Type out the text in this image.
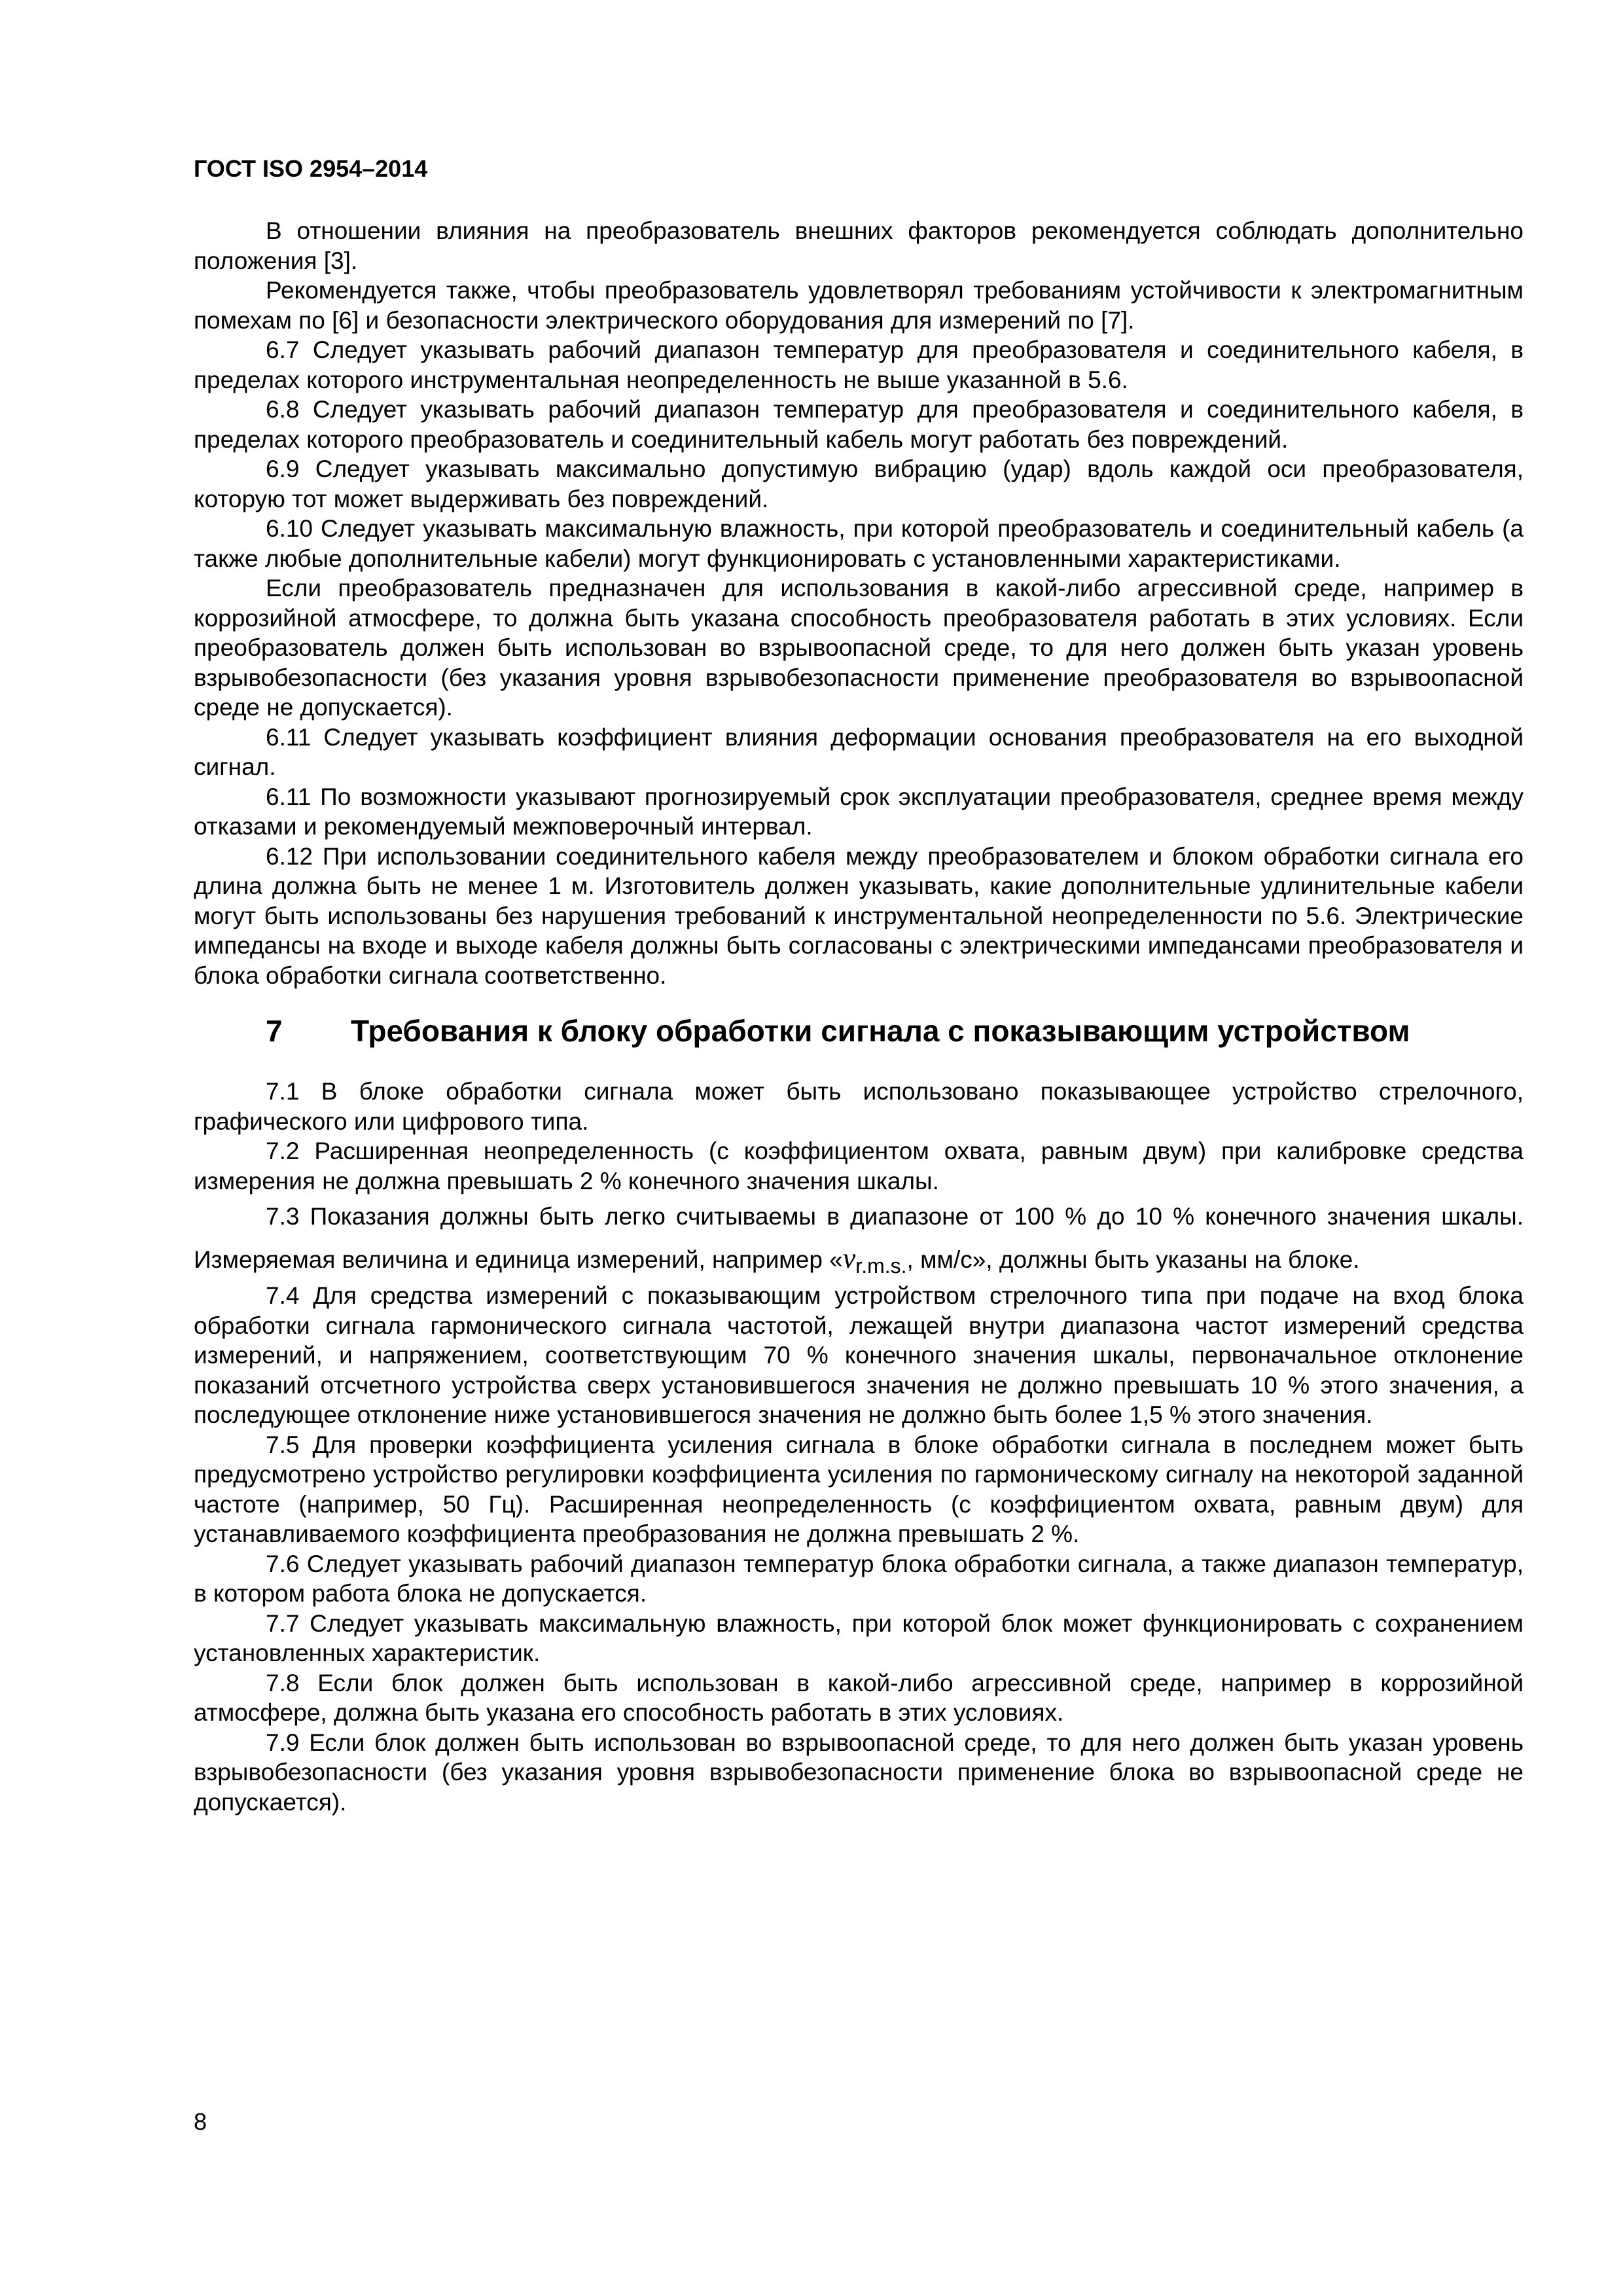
ГОСТ ISO 2954–2014

В отношении влияния на преобразователь внешних факторов рекомендуется соблюдать дополнительно положения [3].

Рекомендуется также, чтобы преобразователь удовлетворял требованиям устойчивости к электромагнитным помехам по [6] и безопасности электрического оборудования для измерений по [7].

6.7 Следует указывать рабочий диапазон температур для преобразователя и соединительного кабеля, в пределах которого инструментальная неопределенность не выше указанной в 5.6.

6.8 Следует указывать рабочий диапазон температур для преобразователя и соединительного кабеля, в пределах которого преобразователь и соединительный кабель могут работать без повреждений.

6.9 Следует указывать максимально допустимую вибрацию (удар) вдоль каждой оси преобразователя, которую тот может выдерживать без повреждений.

6.10 Следует указывать максимальную влажность, при которой преобразователь и соединительный кабель (а также любые дополнительные кабели) могут функционировать с установленными характеристиками.

Если преобразователь предназначен для использования в какой-либо агрессивной среде, например в коррозийной атмосфере, то должна быть указана способность преобразователя работать в этих условиях. Если преобразователь должен быть использован во взрывоопасной среде, то для него должен быть указан уровень взрывобезопасности (без указания уровня взрывобезопасности применение преобразователя во взрывоопасной среде не допускается).

6.11 Следует указывать коэффициент влияния деформации основания преобразователя на его выходной сигнал.

6.11 По возможности указывают прогнозируемый срок эксплуатации преобразователя, среднее время между отказами и рекомендуемый межповерочный интервал.

6.12 При использовании соединительного кабеля между преобразователем и блоком обработки сигнала его длина должна быть не менее 1 м. Изготовитель должен указывать, какие дополнительные удлинительные кабели могут быть использованы без нарушения требований к инструментальной неопределенности по 5.6. Электрические импедансы на входе и выходе кабеля должны быть согласованы с электрическими импедансами преобразователя и блока обработки сигнала соответственно.

7	Требования к блоку обработки сигнала с показывающим устройством

7.1 В блоке обработки сигнала может быть использовано показывающее устройство стрелочного, графического или цифрового типа.

7.2 Расширенная неопределенность (с коэффициентом охвата, равным двум) при калибровке средства измерения не должна превышать 2 % конечного значения шкалы.

7.3 Показания должны быть легко считываемы в диапазоне от 100 % до 10 % конечного значения шкалы. Измеряемая величина и единица измерений, например «$v_{r.m.s.}$, мм/с», должны быть указаны на блоке.

7.4 Для средства измерений с показывающим устройством стрелочного типа при подаче на вход блока обработки сигнала гармонического сигнала частотой, лежащей внутри диапазона частот измерений средства измерений, и напряжением, соответствующим 70 % конечного значения шкалы, первоначальное отклонение показаний отсчетного устройства сверх установившегося значения не должно превышать 10 % этого значения, а последующее отклонение ниже установившегося значения не должно быть более 1,5 % этого значения.

7.5 Для проверки коэффициента усиления сигнала в блоке обработки сигнала в последнем может быть предусмотрено устройство регулировки коэффициента усиления по гармоническому сигналу на некоторой заданной частоте (например, 50 Гц). Расширенная неопределенность (с коэффициентом охвата, равным двум) для устанавливаемого коэффициента преобразования не должна превышать 2 %.

7.6 Следует указывать рабочий диапазон температур блока обработки сигнала, а также диапазон температур, в котором работа блока не допускается.

7.7 Следует указывать максимальную влажность, при которой блок может функционировать с сохранением установленных характеристик.

7.8 Если блок должен быть использован в какой-либо агрессивной среде, например в коррозийной атмосфере, должна быть указана его способность работать в этих условиях.

7.9 Если блок должен быть использован во взрывоопасной среде, то для него должен быть указан уровень взрывобезопасности (без указания уровня взрывобезопасности применение блока во взрывоопасной среде не допускается).

8
